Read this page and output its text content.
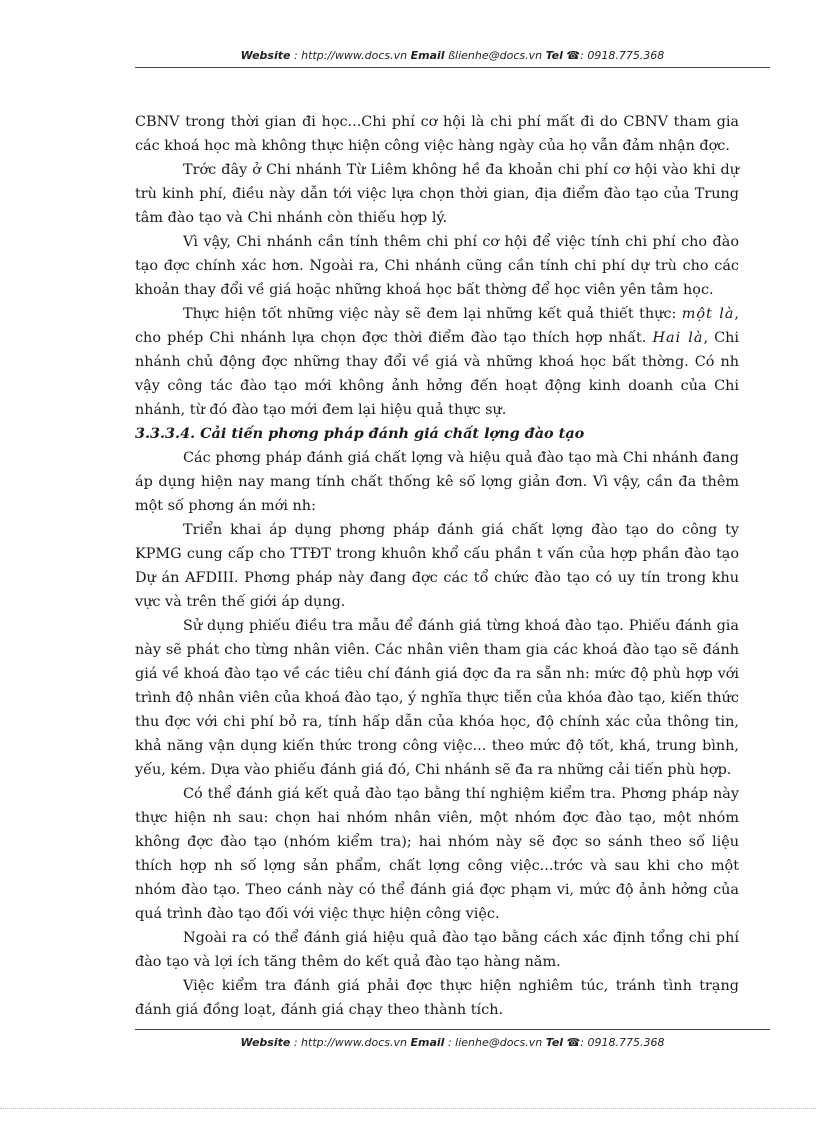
Website : http://www.docs.vn Email ßlienhe@docs.vn Tel ☎: 0918.775.368

CBNV trong thời gian đi học...Chi phí cơ hội là chi phí mất đi do CBNV tham gia các khoá học mà không thực hiện công việc hàng ngày của họ vẫn đảm nhận đợc.

Trớc đây ở Chi nhánh Từ Liêm không hề đa khoản chi phí cơ hội vào khi dự trù kinh phí, điều này dẫn tới việc lựa chọn thời gian, địa điểm đào tạo của Trung tâm đào tạo và Chi nhánh còn thiếu hợp lý.

Vì vậy, Chi nhánh cần tính thêm chi phí cơ hội để việc tính chi phí cho đào tạo đợc chính xác hơn. Ngoài ra, Chi nhánh cũng cần tính chi phí dự trù cho các khoản thay đổi về giá hoặc những khoá học bất thờng để học viên yên tâm học.

Thực hiện tốt những việc này sẽ đem lại những kết quả thiết thực: một là, cho phép Chi nhánh lựa chọn đợc thời điểm đào tạo thích hợp nhất. Hai là, Chi nhánh chủ động đợc những thay đổi về giá và những khoá học bất thờng. Có nh vậy công tác đào tạo mới không ảnh hởng đến hoạt động kinh doanh của Chi nhánh, từ đó đào tạo mới đem lại hiệu quả thực sự.

3.3.3.4. Cải tiến phơng pháp đánh giá chất lợng đào tạo

Các phơng pháp đánh giá chất lợng và hiệu quả đào tạo mà Chi nhánh đang áp dụng hiện nay mang tính chất thống kê số lợng giản đơn. Vì vậy, cần đa thêm một số phơng án mới nh:

Triển khai áp dụng phơng pháp đánh giá chất lợng đào tạo do công ty KPMG cung cấp cho TTĐT trong khuôn khổ cấu phần t vấn của hợp phần đào tạo Dự án AFDIII. Phơng pháp này đang đợc các tổ chức đào tạo có uy tín trong khu vực và trên thế giới áp dụng.

Sử dụng phiếu điều tra mẫu để đánh giá từng khoá đào tạo. Phiếu đánh gia này sẽ phát cho từng nhân viên. Các nhân viên tham gia các khoá đào tạo sẽ đánh giá về khoá đào tạo về các tiêu chí đánh giá đợc đa ra sẵn nh: mức độ phù hợp với trình độ nhân viên của khoá đào tạo, ý nghĩa thực tiễn của khóa đào tạo, kiến thức thu đợc với chi phí bỏ ra, tính hấp dẫn của khóa học, độ chính xác của thông tin, khả năng vận dụng kiến thức trong công việc... theo mức độ tốt, khá, trung bình, yếu, kém. Dựa vào phiếu đánh giá đó, Chi nhánh sẽ đa ra những cải tiến phù hợp.

Có thể đánh giá kết quả đào tạo bằng thí nghiệm kiểm tra. Phơng pháp này thực hiện nh sau: chọn hai nhóm nhân viên, một nhóm đợc đào tạo, một nhóm không đợc đào tạo (nhóm kiểm tra); hai nhóm này sẽ đợc so sánh theo số liệu thích hợp nh số lợng sản phẩm, chất lợng công việc...trớc và sau khi cho một nhóm đào tạo. Theo cánh này có thể đánh giá đợc phạm vi, mức độ ảnh hởng của quá trình đào tạo đối với việc thực hiện công việc.

Ngoài ra có thể đánh giá hiệu quả đào tạo bằng cách xác định tổng chi phí đào tạo và lợi ích tăng thêm do kết quả đào tạo hàng năm.

Việc kiểm tra đánh giá phải đợc thực hiện nghiêm túc, tránh tình trạng đánh giá đồng loạt, đánh giá chạy theo thành tích.

Website : http://www.docs.vn Email : lienhe@docs.vn Tel ☎: 0918.775.368
